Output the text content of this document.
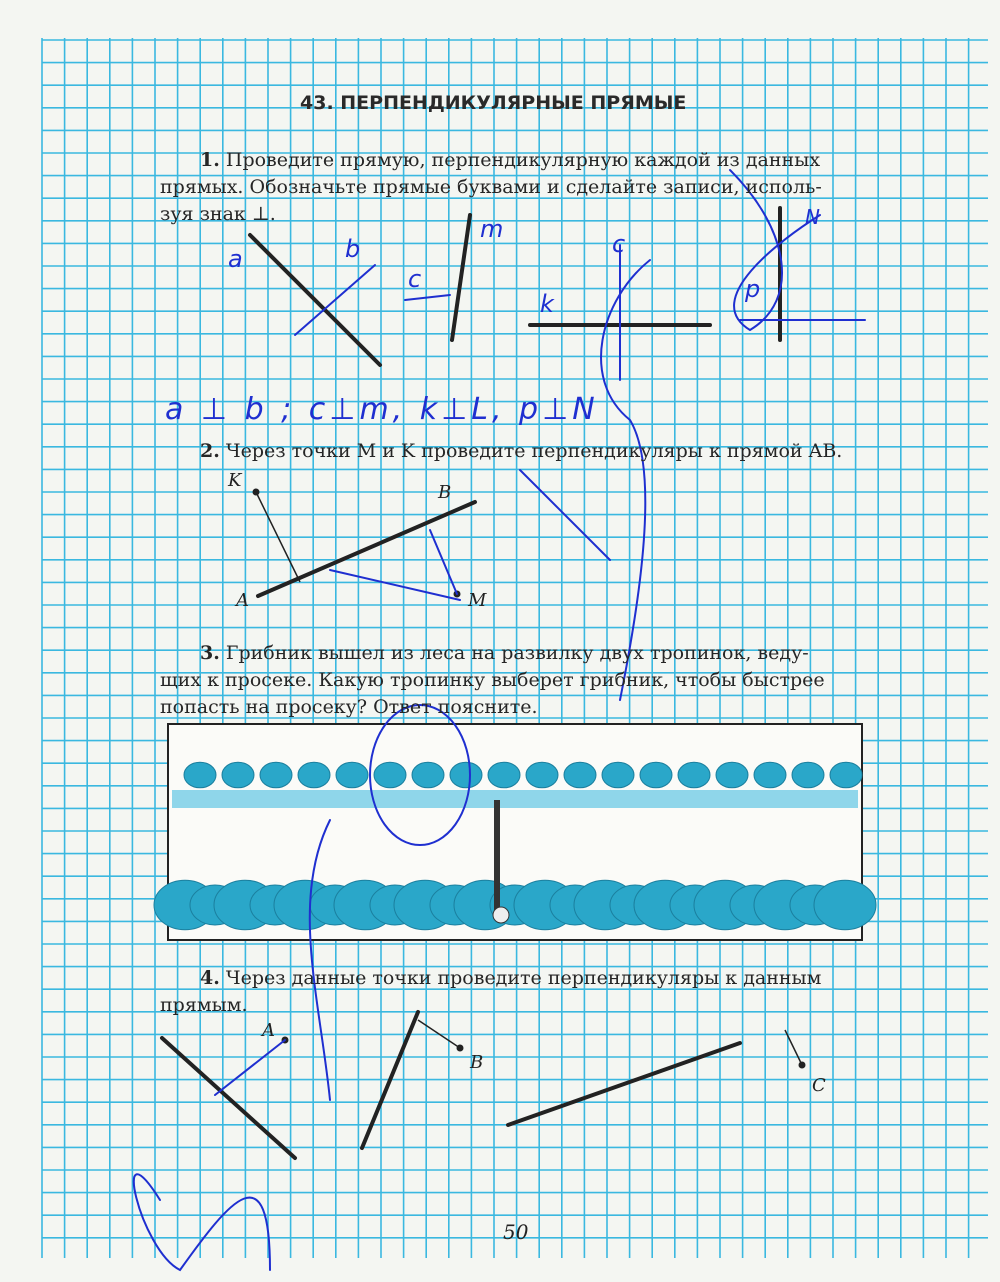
43. ПЕРПЕНДИКУЛЯРНЫЕ ПРЯМЫЕ
1. Проведите прямую, перпендикулярную каждой из данных
прямых. Обозначьте прямые буквами и сделайте записи, исполь-
зуя знак ⊥.
2. Через точки M и K проведите перпендикуляры к прямой AB.
3. Грибник вышел из леса на развилку двух тропинок, веду-
щих к просеке. Какую тропинку выберет грибник, чтобы быстрее
попасть на просеку? Ответ поясните.
4. Через данные точки проведите перпендикуляры к данным
прямым.
K
B
A	M
A
B
C
a	b
c
m
k
c
p
N
a ⊥ b ; c⊥m, k⊥L, p⊥N
50
